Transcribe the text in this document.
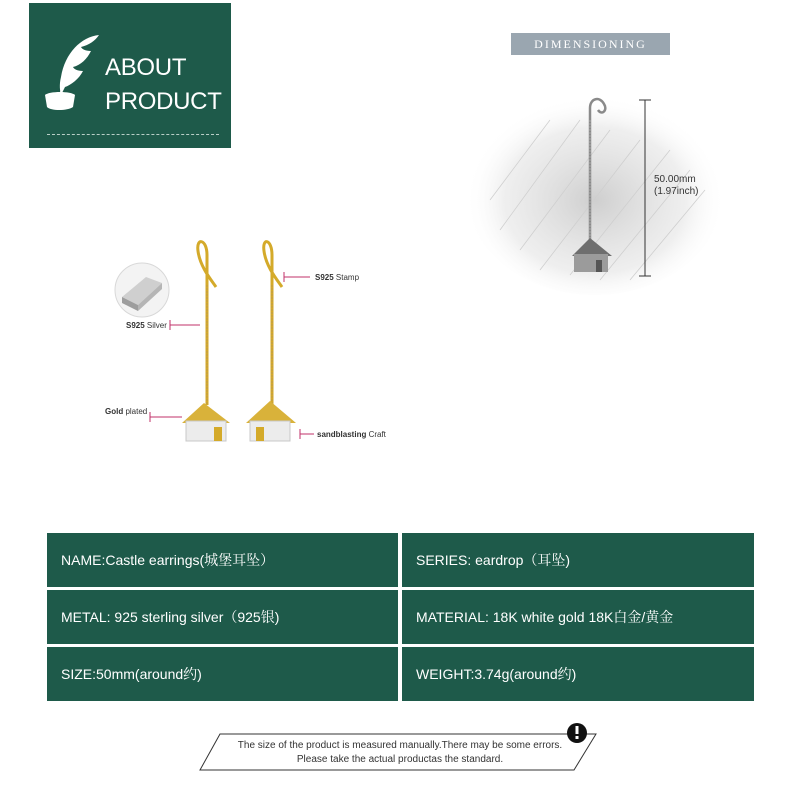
ABOUT
PRODUCT
DIMENSIONING
50.00mm
(1.97inch)
S925 Stamp
S925 Silver
Gold plated
sandblasting Craft
NAME:Castle earrings(城堡耳坠）	SERIES: eardrop（耳坠)
METAL: 925 sterling silver（925银)	MATERIAL: 18K white gold 18K白金/黄金
SIZE:50mm(around约)	WEIGHT:3.74g(around约)
The size of the product is measured manually.There may be some errors.
Please take the actual productas the standard.
